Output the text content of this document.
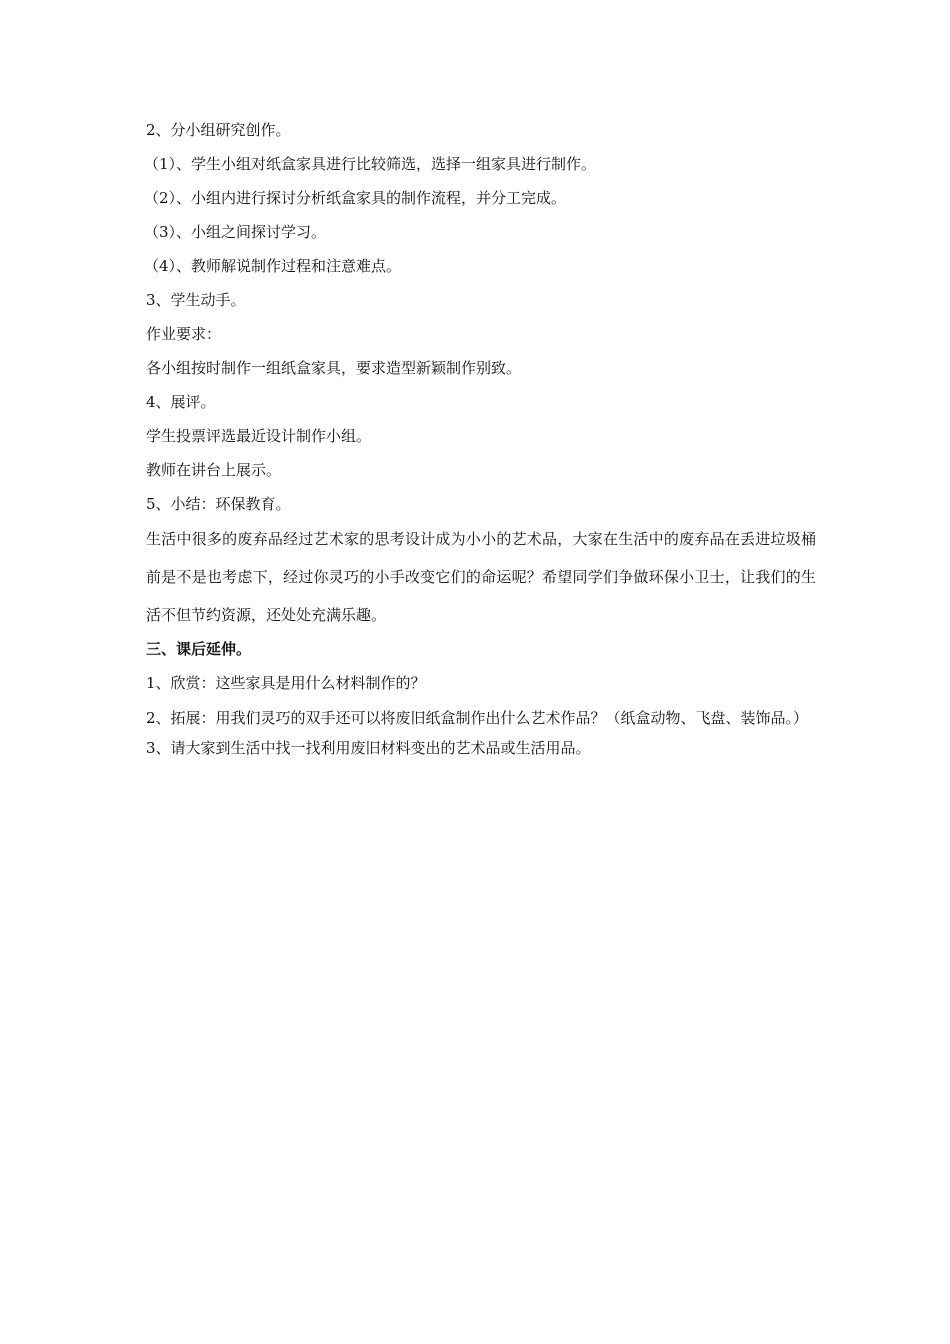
2、分小组研究创作。
（1）、学生小组对纸盒家具进行比较筛选，选择一组家具进行制作。
（2）、小组内进行探讨分析纸盒家具的制作流程，并分工完成。
（3）、小组之间探讨学习。
（4）、教师解说制作过程和注意难点。
3、学生动手。
作业要求：
各小组按时制作一组纸盒家具，要求造型新颖制作别致。
4、展评。
学生投票评选最近设计制作小组。
教师在讲台上展示。
5、小结：环保教育。
生活中很多的废弃品经过艺术家的思考设计成为小小的艺术品，大家在生活中的废弃品在丢进垃圾桶前是不是也考虑下，经过你灵巧的小手改变它们的命运呢？希望同学们争做环保小卫士，让我们的生活不但节约资源，还处处充满乐趣。
三、课后延伸。
1、欣赏：这些家具是用什么材料制作的？
2、拓展：用我们灵巧的双手还可以将废旧纸盒制作出什么艺术作品？（纸盒动物、飞盘、装饰品。）
3、请大家到生活中找一找利用废旧材料变出的艺术品或生活用品。
